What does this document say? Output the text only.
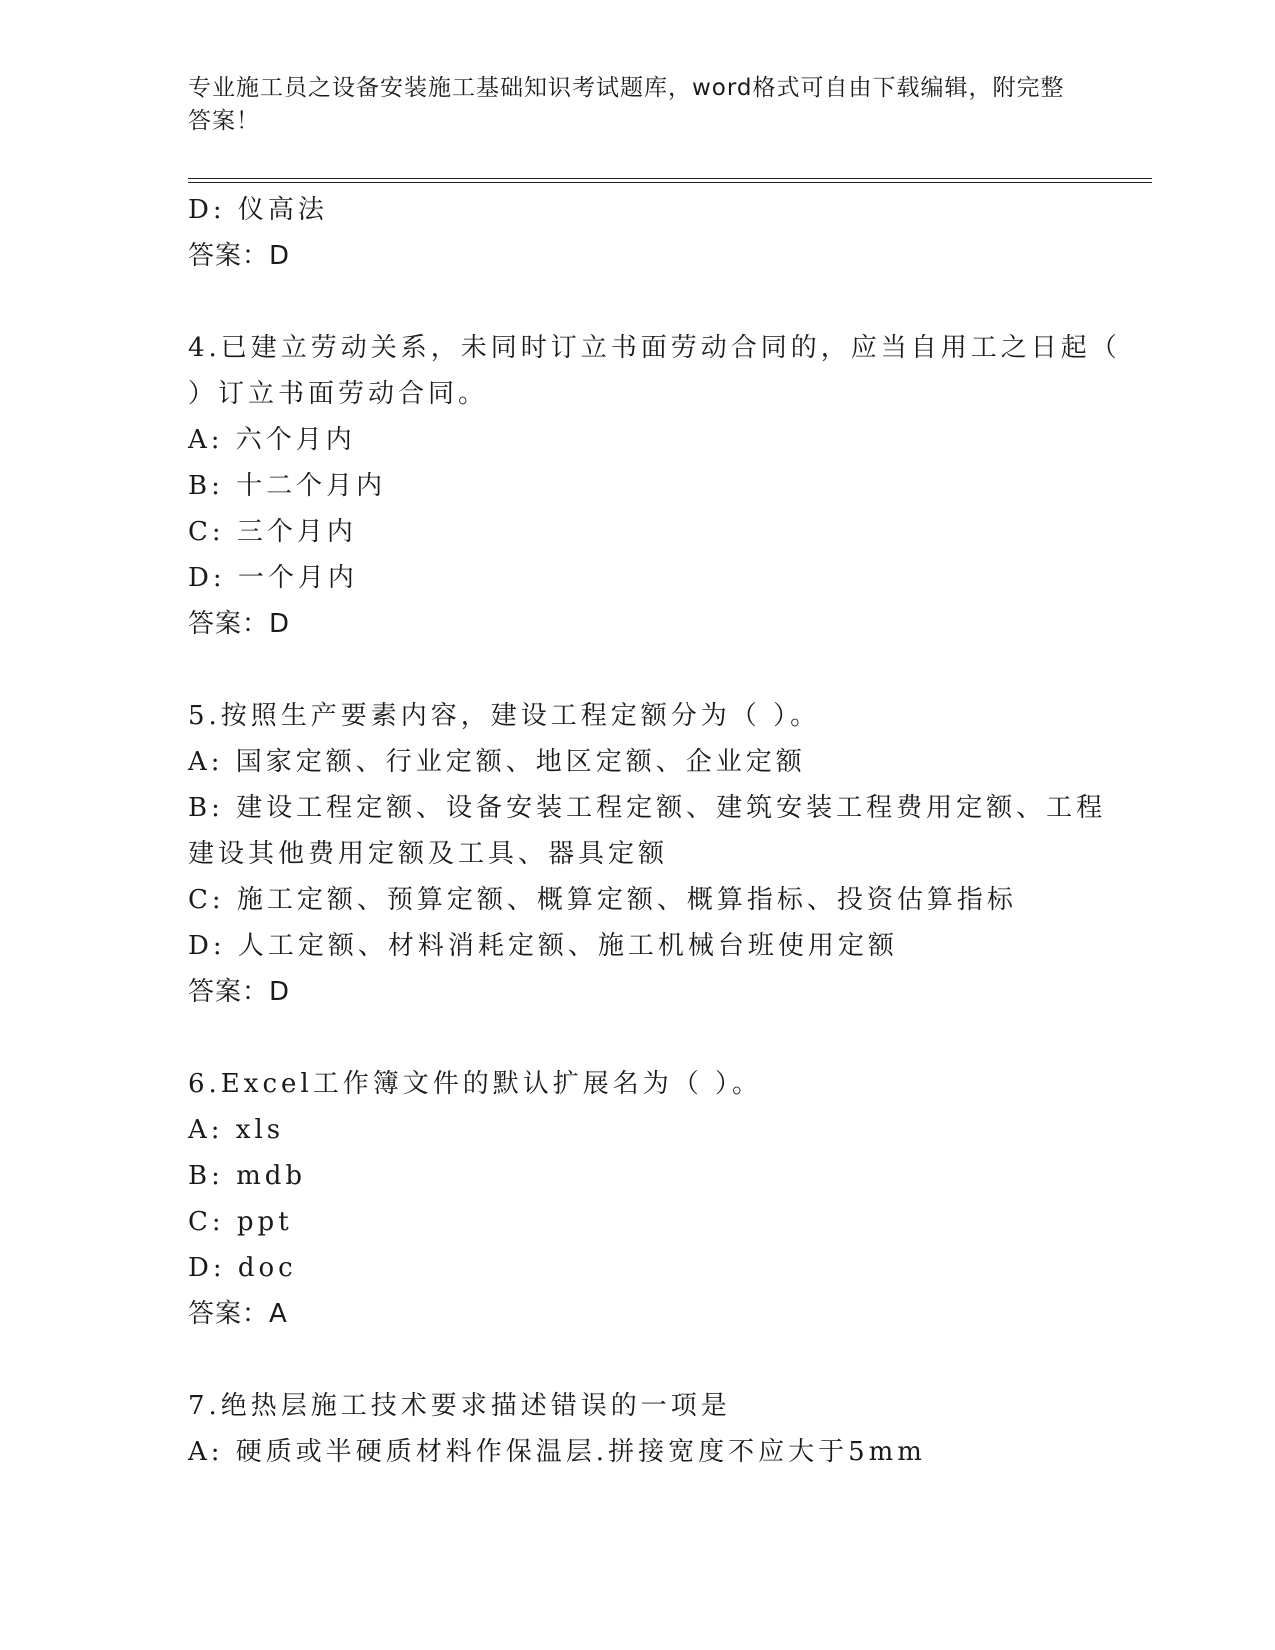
专业施工员之设备安装施工基础知识考试题库，word格式可自由下载编辑，附完整答案！
D: 仪高法
答案：D
4.已建立劳动关系，未同时订立书面劳动合同的，应当自用工之日起（ ）订立书面劳动合同。
A: 六个月内
B: 十二个月内
C: 三个月内
D: 一个月内
答案：D
5.按照生产要素内容，建设工程定额分为（ ）。
A: 国家定额、行业定额、地区定额、企业定额
B: 建设工程定额、设备安装工程定额、建筑安装工程费用定额、工程建设其他费用定额及工具、器具定额
C: 施工定额、预算定额、概算定额、概算指标、投资估算指标
D: 人工定额、材料消耗定额、施工机械台班使用定额
答案：D
6.Excel工作簿文件的默认扩展名为（ ）。
A: xls
B: mdb
C: ppt
D: doc
答案：A
7.绝热层施工技术要求描述错误的一项是
A: 硬质或半硬质材料作保温层.拼接宽度不应大于5mm
